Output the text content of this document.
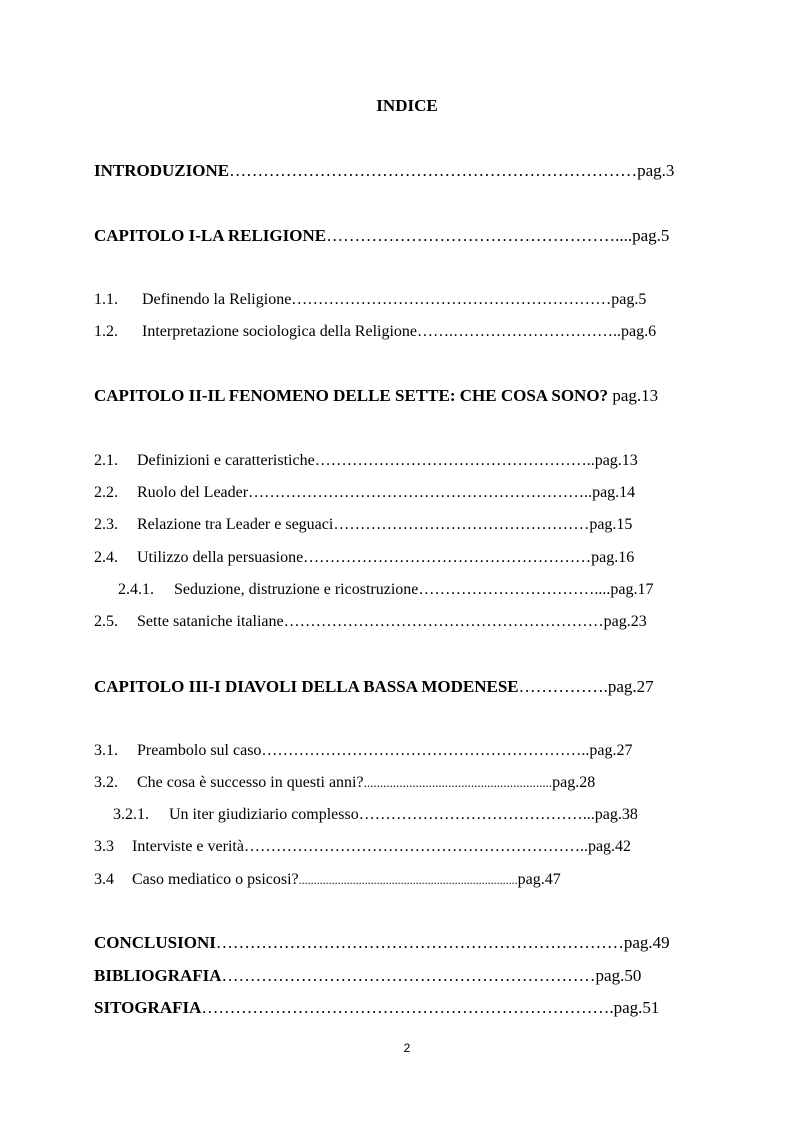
INDICE
INTRODUZIONE………………………………………………………………pag.3
CAPITOLO I-LA RELIGIONE……………………………………………....pag.5
1.1. Definendo la Religione……………………………………………………pag.5
1.2. Interpretazione sociologica della Religione…….…………………………..pag.6
CAPITOLO II-IL FENOMENO DELLE SETTE: CHE COSA SONO? pag.13
2.1. Definizioni e caratteristiche……………………………………………..pag.13
2.2. Ruolo del Leader………………………………………………………..pag.14
2.3. Relazione tra Leader e seguaci…………………………………………pag.15
2.4. Utilizzo della persuasione………………………………………………pag.16
2.4.1. Seduzione, distruzione e ricostruzione……………………………....pag.17
2.5. Sette sataniche italiane……………………………………………………pag.23
CAPITOLO III-I DIAVOLI DELLA BASSA MODENESE…………….pag.27
3.1. Preambolo sul caso……………………………………………………..pag.27
3.2. Che cosa è successo in questi anni?..........................................................pag.28
3.2.1. Un iter giudiziario complesso……………………………………...pag.38
3.3 Interviste e verità………………………………………………………..pag.42
3.4 Caso mediatico o psicosi?.........................................................................pag.47
CONCLUSIONI………………………………………………………………pag.49
BIBLIOGRAFIA…………………………………………………………pag.50
SITOGRAFIA……………………………………………………………….pag.51
2
